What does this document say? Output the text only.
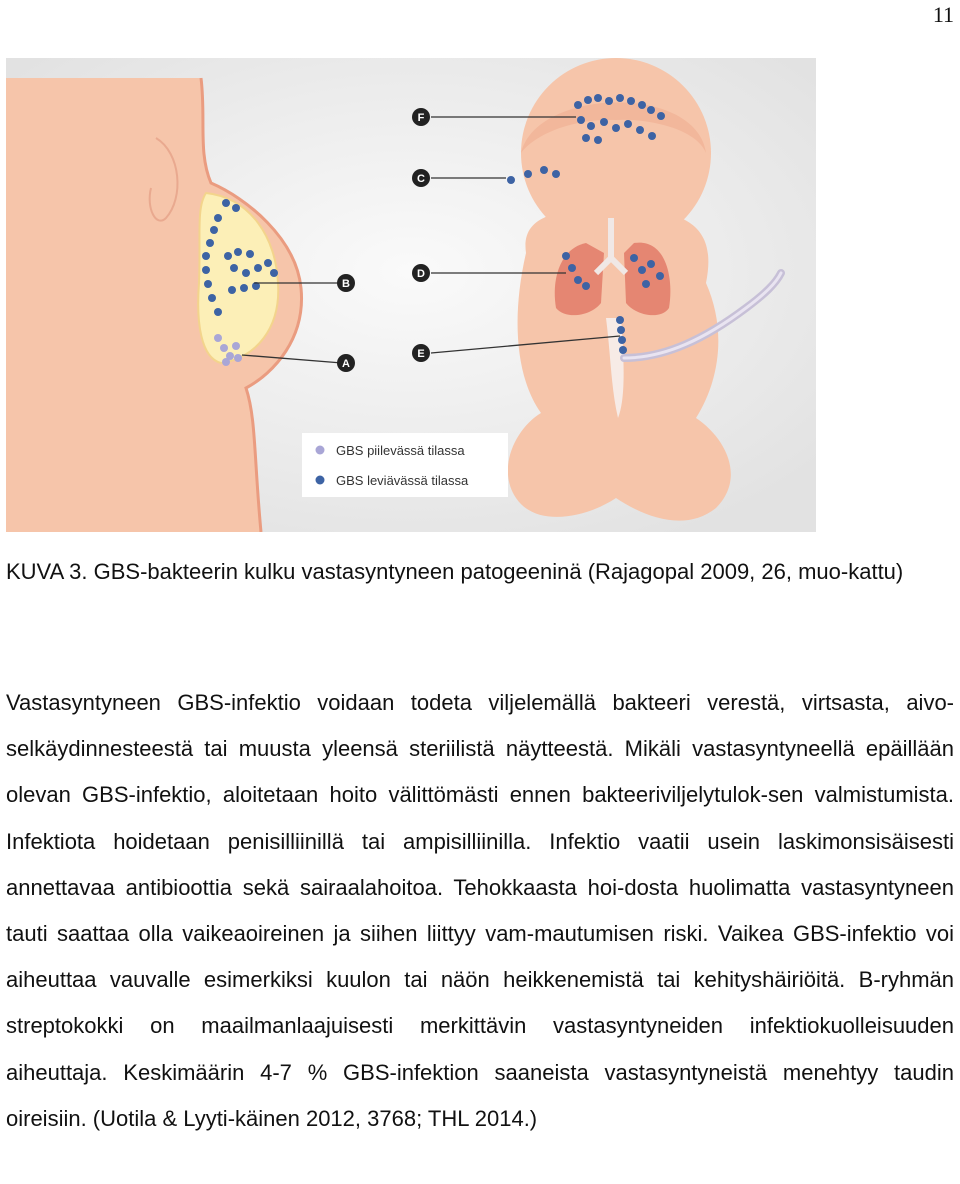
11
F
C
B
D
A
E
GBS piilevässä tilassa
GBS leviävässä tilassa

KUVA 3. GBS-bakteerin kulku vastasyntyneen patogeeninä (Rajagopal 2009, 26, muo-kattu)

Vastasyntyneen GBS-infektio voidaan todeta viljelemällä bakteeri verestä, virtsasta, aivo-selkäydinnesteestä tai muusta yleensä steriilistä näytteestä. Mikäli vastasyntyneellä epäillään olevan GBS-infektio, aloitetaan hoito välittömästi ennen bakteeriviljelytulok-sen valmistumista. Infektiota hoidetaan penisilliinillä tai ampisilliinilla. Infektio vaatii usein laskimonsisäisesti annettavaa antibioottia sekä sairaalahoitoa. Tehokkaasta hoi-dosta huolimatta vastasyntyneen tauti saattaa olla vaikeaoireinen ja siihen liittyy vam-mautumisen riski. Vaikea GBS-infektio voi aiheuttaa vauvalle esimerkiksi kuulon tai näön heikkenemistä tai kehityshäiriöitä. B-ryhmän streptokokki on maailmanlaajuisesti merkittävin vastasyntyneiden infektiokuolleisuuden aiheuttaja. Keskimäärin 4-7 % GBS-infektion saaneista vastasyntyneistä menehtyy taudin oireisiin. (Uotila & Lyyti-käinen 2012, 3768; THL 2014.)
